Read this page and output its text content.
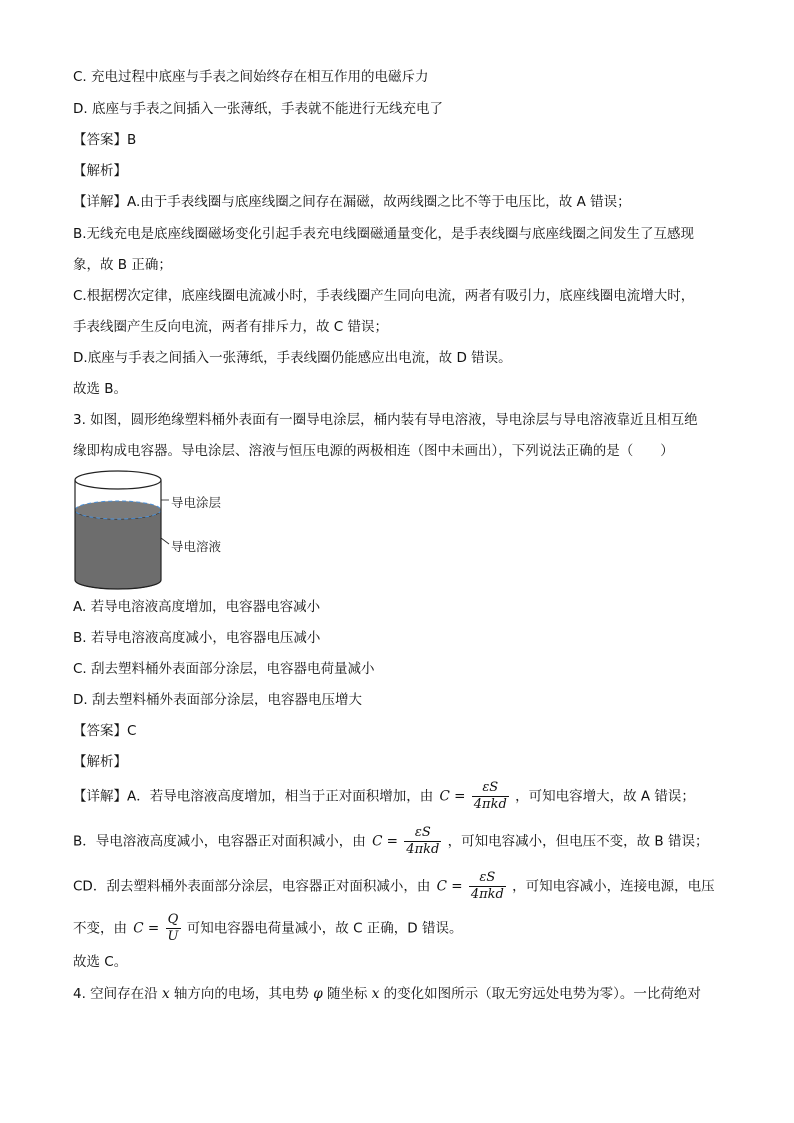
C. 充电过程中底座与手表之间始终存在相互作用的电磁斥力
D. 底座与手表之间插入一张薄纸，手表就不能进行无线充电了
【答案】B
【解析】
【详解】A.由于手表线圈与底座线圈之间存在漏磁，故两线圈之比不等于电压比，故 A 错误；
B.无线充电是底座线圈磁场变化引起手表充电线圈磁通量变化，是手表线圈与底座线圈之间发生了互感现
象，故 B 正确；
C.根据楞次定律，底座线圈电流减小时，手表线圈产生同向电流，两者有吸引力，底座线圈电流增大时，
手表线圈产生反向电流，两者有排斥力，故 C 错误；
D.底座与手表之间插入一张薄纸，手表线圈仍能感应出电流，故 D 错误。
故选 B。
3. 如图，圆形绝缘塑料桶外表面有一圈导电涂层，桶内装有导电溶液，导电涂层与导电溶液靠近且相互绝
缘即构成电容器。导电涂层、溶液与恒压电源的两极相连（图中未画出），下列说法正确的是（　　）
导电涂层
导电溶液
A. 若导电溶液高度增加，电容器电容减小
B. 若导电溶液高度减小，电容器电压减小
C. 刮去塑料桶外表面部分涂层，电容器电荷量减小
D. 刮去塑料桶外表面部分涂层，电容器电压增大
【答案】C
【解析】
【详解】A．若导电溶液高度增加，相当于正对面积增加，由 $C = \frac{\varepsilon S}{\text{4πkd}}$ ，可知电容增大，故 A 错误；
B．导电溶液高度减小，电容器正对面积减小，由 $C = \frac{\varepsilon S}{\text{4πkd}}$ ，可知电容减小，但电压不变，故 B 错误；
CD．刮去塑料桶外表面部分涂层，电容器正对面积减小，由 $C = \frac{\varepsilon S}{\text{4πkd}}$ ，可知电容减小，连接电源，电压
不变，由 $C = \frac{Q}{U}$ 可知电容器电荷量减小，故 C 正确，D 错误。
故选 C。
4. 空间存在沿 x 轴方向的电场，其电势 φ 随坐标 x 的变化如图所示（取无穷远处电势为零）。一比荷绝对
